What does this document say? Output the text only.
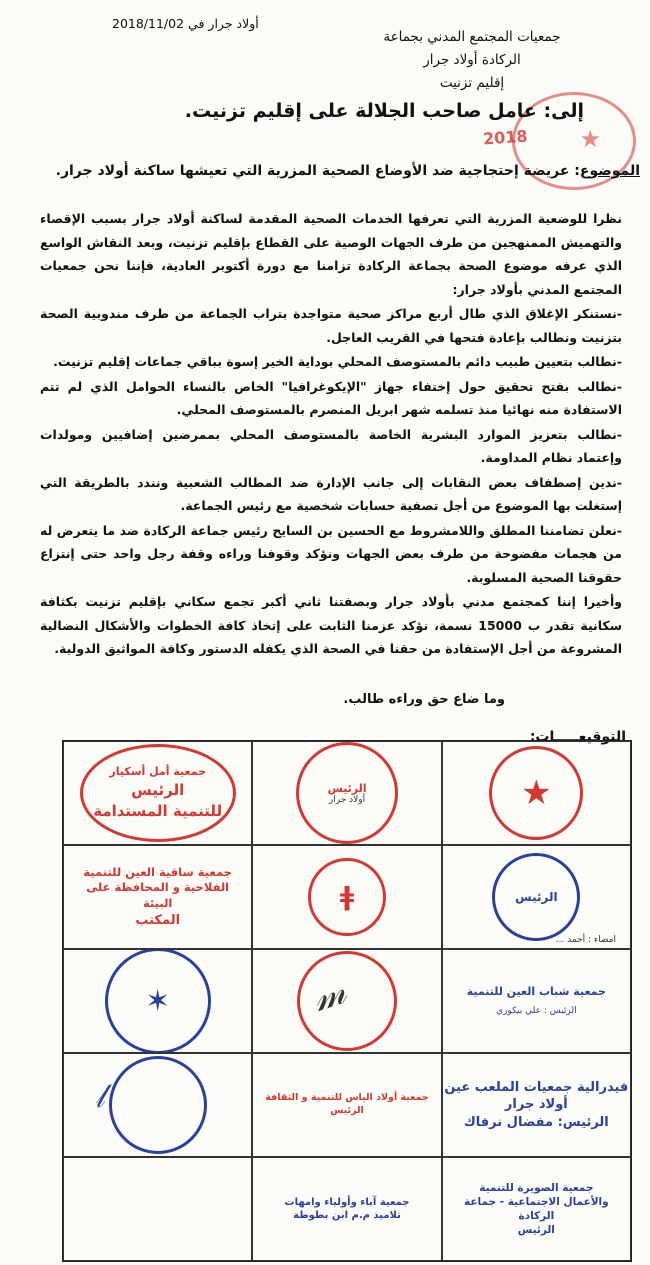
جمعيات المجتمع المدني بجماعة
الركادة أولاد جرار
إقليم تزنيت
أولاد جرار في
2018/11/02
★
2018
إلى: عامل صاحب الجلالة على إقليم تزنيت.
الموضوع: عريضة إحتجاجية ضد الأوضاع الصحية المزرية التي تعيشها ساكنة أولاد جرار.

نظرا للوضعية المزرية التي تعرفها الخدمات الصحية المقدمة لساكنة أولاد جرار بسبب الإقصاء والتهميش الممنهجين من طرف الجهات الوصية على القطاع بإقليم تزنيت، وبعد النقاش الواسع الذي عرفه موضوع الصحة بجماعة الركادة تزامنا مع دورة أكتوبر العادية، فإننا نحن جمعيات المجتمع المدني بأولاد جرار:

-نستنكر الإغلاق الذي طال أربع مراكز صحية متواجدة بتراب الجماعة من طرف مندوبية الصحة بتزنيت ونطالب بإعادة فتحها في القريب العاجل.

-نطالب بتعيين طبيب دائم بالمستوصف المحلي بوداية الخير إسوة بباقي جماعات إقليم تزنيت.

-نطالب بفتح تحقيق حول إختفاء جهاز "الإيكوغرافيا" الخاص بالنساء الحوامل الذي لم تتم الاستفادة منه نهائيا منذ تسلمه شهر ابريل المنصرم بالمستوصف المحلي.

-نطالب بتعزيز الموارد البشرية الخاصة بالمستوصف المحلي بممرضين إضافيين ومولدات وإعتماد نظام المداومة.

-ندين إصطفاف بعض النقابات إلى جانب الإدارة ضد المطالب الشعبية ونندد بالطريقة التي إستغلت بها الموضوع من أجل تصفية حسابات شخصية مع رئيس الجماعة.

-نعلن تضامننا المطلق واللامشروط مع الحسين بن السايح رئيس جماعة الركادة ضد ما يتعرض له من هجمات مفضوحة من طرف بعض الجهات ونؤكد وقوفنا وراءه وقفة رجل واحد حتى إنتزاع حقوقنا الصحية المسلوبة.

وأخيرا إننا كمجتمع مدني بأولاد جرار وبصفتنا ثاني أكبر تجمع سكاني بإقليم تزنيت بكثافة سكانية تقدر ب 15000 نسمة، نؤكد عزمنا الثابت على إتخاذ كافة الخطوات والأشكال النضالية المشروعة من أجل الإستفادة من حقنا في الصحة الذي يكفله الدستور وكافة المواثيق الدولية.

وما ضاع حق وراءه طالب.
التوقيعـــــات:
★
الرئيس
أولاد جرار
جمعية أمل أسكيار
الرئيس
للتنمية المستدامة
الرئيس
امضاء : أحمد ...
ǂ
جمعية ساقية العين للتنمية الفلاحية و المحافظة على البيئة
المكتب
جمعية شباب العين للتنمية
الرئيس : علي بيكوري
𝓂
✶
فيدرالية جمعيات الملعب عين أولاد جرار
الرئيس: مفضال نرفاك
جمعية أولاد الياس للتنمية و الثقافة
الرئيس
𝓁
جمعية الصويرة للتنمية والأعمال الاجتماعية - جماعة الركادة
الرئيس
جمعية آباء وأولياء وامهات تلاميذ م.م ابن بطوطة
